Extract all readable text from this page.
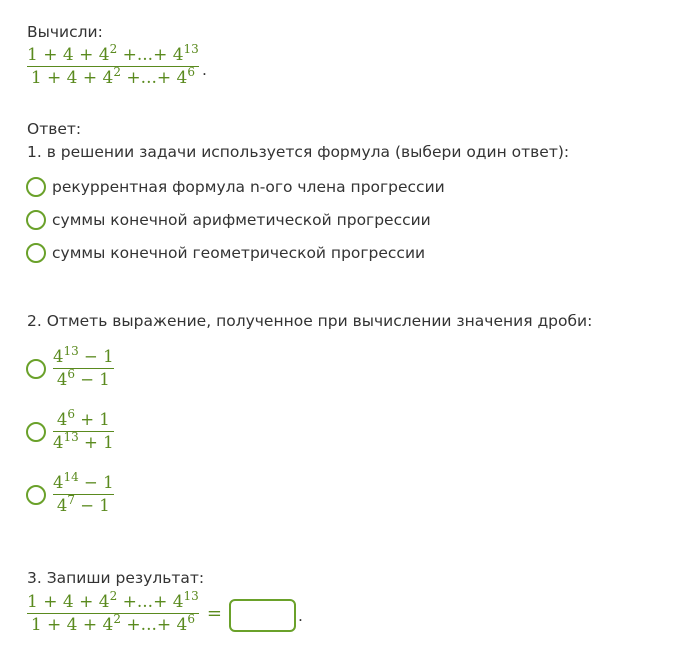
Вычисли:
$\frac{1 + 4 + 4^2 +...+ 4^{13}}{1 + 4 + 4^2 +...+ 4^6}$ .
Ответ:
1. в решении задачи используется формула (выбери один ответ):
рекуррентная формула n-ого члена прогрессии
суммы конечной арифметической прогрессии
суммы конечной геометрической прогрессии
2. Отметь выражение, полученное при вычислении значения дроби:
$\frac{4^{13} - 1}{4^6 - 1}$
$\frac{4^6 + 1}{4^{13} + 1}$
$\frac{4^{14} - 1}{4^7 - 1}$
3. Запиши результат:
$\frac{1 + 4 + 4^2 +...+ 4^{13}}{1 + 4 + 4^2 +...+ 4^6}$ =	.
